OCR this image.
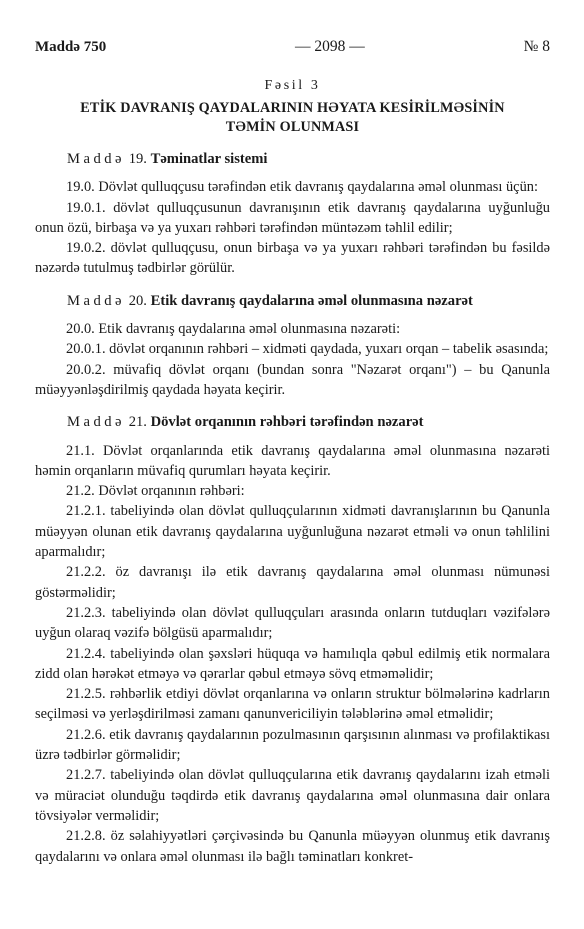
Maddə 750	— 2098 —	№ 8
Fəsil 3
ETİK DAVRANIŞ QAYDALARININ HƏYATA KESİRİLMƏSİNİN
TƏMİN OLUNMASI
Maddə 19. Təminatlar sistemi

19.0. Dövlət qulluqçusu tərəfindən etik davranış qaydalarına əməl olunması üçün:

19.0.1. dövlət qulluqçusunun davranışının etik davranış qaydalarına uyğunluğu onun özü, birbaşa və ya yuxarı rəhbəri tərəfindən müntəzəm təhlil edilir;

19.0.2. dövlət qulluqçusu, onun birbaşa və ya yuxarı rəhbəri tərəfindən bu fəsildə nəzərdə tutulmuş tədbirlər görülür.

Maddə 20. Etik davranış qaydalarına əməl olunmasına nəzarət

20.0. Etik davranış qaydalarına əməl olunmasına nəzarəti:

20.0.1. dövlət orqanının rəhbəri – xidməti qaydada, yuxarı orqan – tabelik əsasında;

20.0.2. müvafiq dövlət orqanı (bundan sonra "Nəzarət orqanı") – bu Qanunla müəyyənləşdirilmiş qaydada həyata keçirir.

Maddə 21. Dövlət orqanının rəhbəri tərəfindən nəzarət

21.1. Dövlət orqanlarında etik davranış qaydalarına əməl olunmasına nəzarəti həmin orqanların müvafiq qurumları həyata keçirir.

21.2. Dövlət orqanının rəhbəri:

21.2.1. tabeliyində olan dövlət qulluqçularının xidməti davranışlarının bu Qanunla müəyyən olunan etik davranış qaydalarına uyğunluğuna nəzarət etməli və onun təhlilini aparmalıdır;

21.2.2. öz davranışı ilə etik davranış qaydalarına əməl olunması nümunəsi göstərməlidir;

21.2.3. tabeliyində olan dövlət qulluqçuları arasında onların tutduqları vəzifələrə uyğun olaraq vəzifə bölgüsü aparmalıdır;

21.2.4. tabeliyində olan şəxsləri hüquqa və hamılıqla qəbul edilmiş etik normalara zidd olan hərəkət etməyə və qərarlar qəbul etməyə sövq etməməlidir;

21.2.5. rəhbərlik etdiyi dövlət orqanlarına və onların struktur bölmələrinə kadrların seçilməsi və yerləşdirilməsi zamanı qanunvericiliyin tələblərinə əməl etməlidir;

21.2.6. etik davranış qaydalarının pozulmasının qarşısının alınması və profilaktikası üzrə tədbirlər görməlidir;

21.2.7. tabeliyində olan dövlət qulluqçularına etik davranış qaydalarını izah etməli və müraciət olunduğu təqdirdə etik davranış qaydalarına əməl olunmasına dair onlara tövsiyələr verməlidir;

21.2.8. öz səlahiyyətləri çərçivəsində bu Qanunla müəyyən olunmuş etik davranış qaydalarını və onlara əməl olunması ilə bağlı təminatları konkret-
